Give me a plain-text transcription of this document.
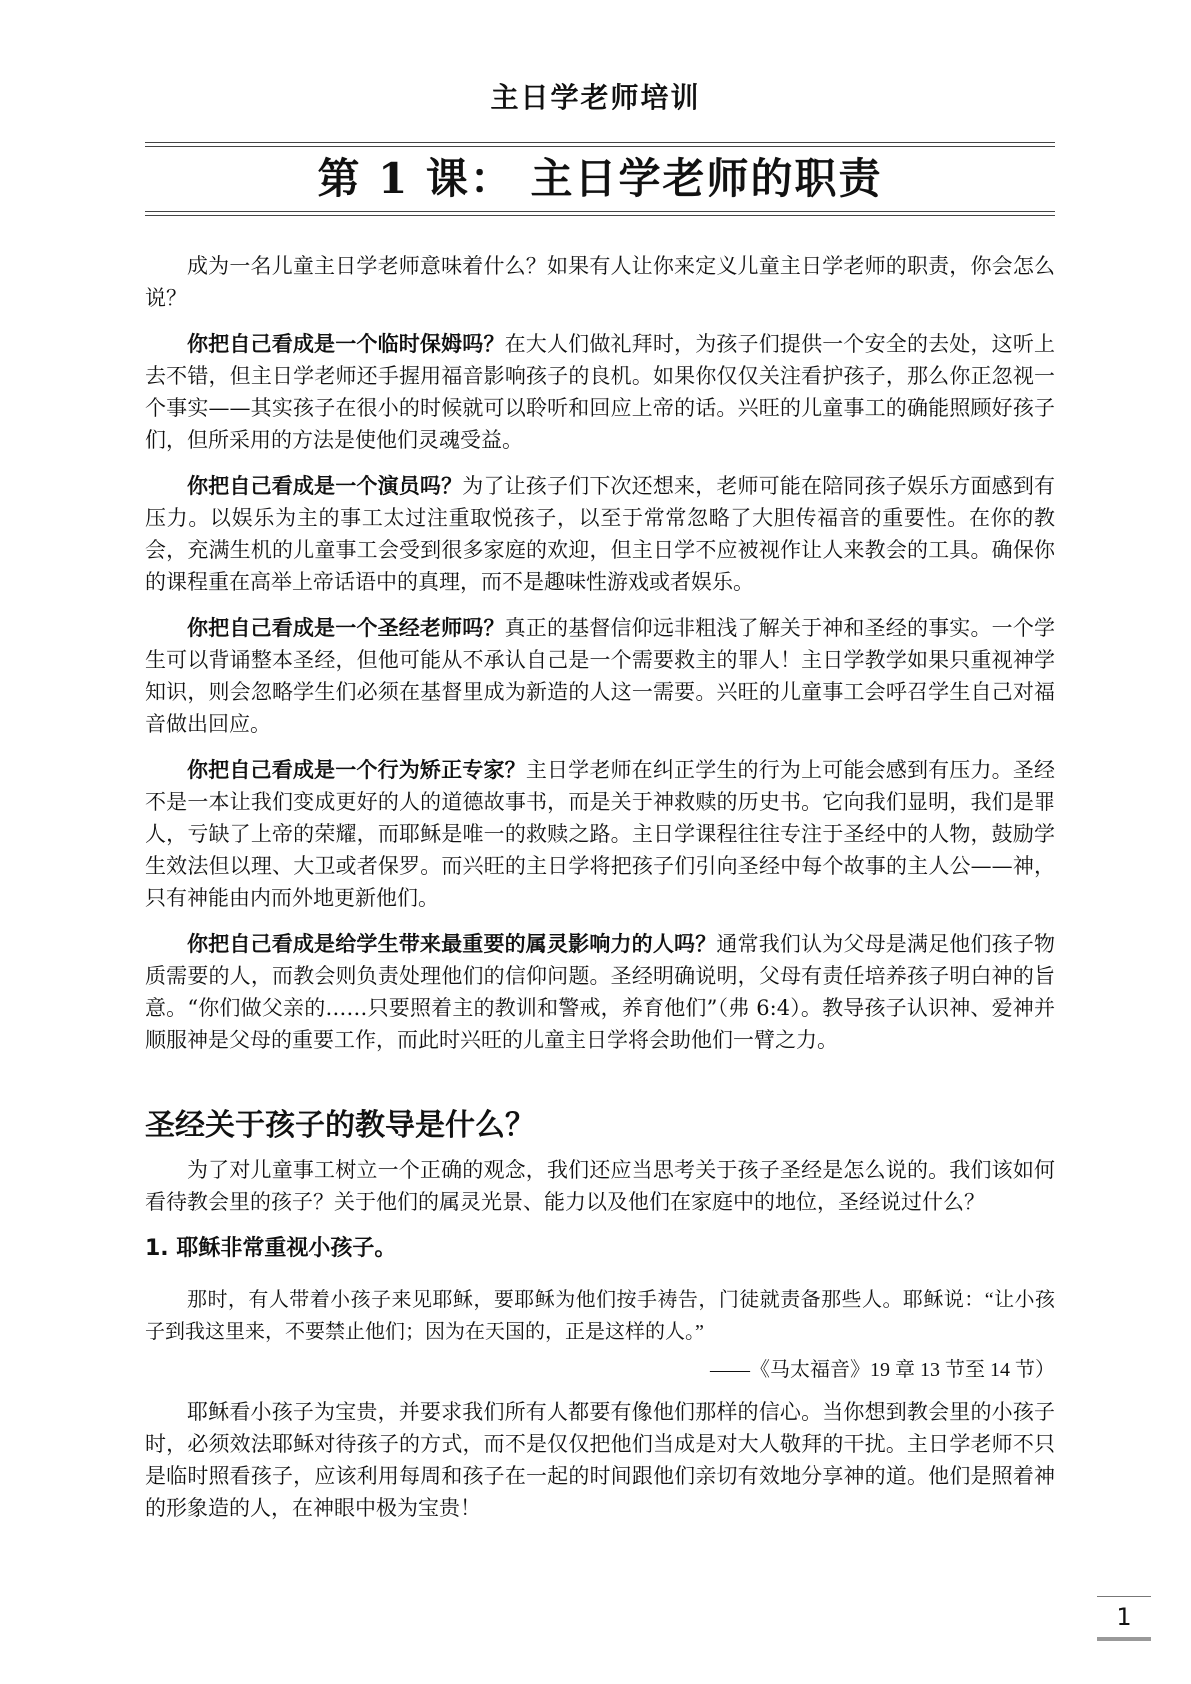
主日学老师培训
第 1 课： 主日学老师的职责

成为一名儿童主日学老师意味着什么？如果有人让你来定义儿童主日学老师的职责，你会怎么说？

你把自己看成是一个临时保姆吗？在大人们做礼拜时，为孩子们提供一个安全的去处，这听上去不错，但主日学老师还手握用福音影响孩子的良机。如果你仅仅关注看护孩子，那么你正忽视一个事实——其实孩子在很小的时候就可以聆听和回应上帝的话。兴旺的儿童事工的确能照顾好孩子们，但所采用的方法是使他们灵魂受益。

你把自己看成是一个演员吗？为了让孩子们下次还想来，老师可能在陪同孩子娱乐方面感到有压力。以娱乐为主的事工太过注重取悦孩子，以至于常常忽略了大胆传福音的重要性。在你的教会，充满生机的儿童事工会受到很多家庭的欢迎，但主日学不应被视作让人来教会的工具。确保你的课程重在高举上帝话语中的真理，而不是趣味性游戏或者娱乐。

你把自己看成是一个圣经老师吗？真正的基督信仰远非粗浅了解关于神和圣经的事实。一个学生可以背诵整本圣经，但他可能从不承认自己是一个需要救主的罪人！主日学教学如果只重视神学知识，则会忽略学生们必须在基督里成为新造的人这一需要。兴旺的儿童事工会呼召学生自己对福音做出回应。

你把自己看成是一个行为矫正专家？主日学老师在纠正学生的行为上可能会感到有压力。圣经不是一本让我们变成更好的人的道德故事书，而是关于神救赎的历史书。它向我们显明，我们是罪人，亏缺了上帝的荣耀，而耶稣是唯一的救赎之路。主日学课程往往专注于圣经中的人物，鼓励学生效法但以理、大卫或者保罗。而兴旺的主日学将把孩子们引向圣经中每个故事的主人公——神，只有神能由内而外地更新他们。

你把自己看成是给学生带来最重要的属灵影响力的人吗？通常我们认为父母是满足他们孩子物质需要的人，而教会则负责处理他们的信仰问题。圣经明确说明，父母有责任培养孩子明白神的旨意。“你们做父亲的……只要照着主的教训和警戒，养育他们”（弗 6:4）。教导孩子认识神、爱神并顺服神是父母的重要工作，而此时兴旺的儿童主日学将会助他们一臂之力。

圣经关于孩子的教导是什么？

为了对儿童事工树立一个正确的观念，我们还应当思考关于孩子圣经是怎么说的。我们该如何看待教会里的孩子？关于他们的属灵光景、能力以及他们在家庭中的地位，圣经说过什么？

1. 耶稣非常重视小孩子。

那时，有人带着小孩子来见耶稣，要耶稣为他们按手祷告，门徒就责备那些人。耶稣说：“让小孩子到我这里来，不要禁止他们；因为在天国的，正是这样的人。”

——《马太福音》19 章 13 节至 14 节）

耶稣看小孩子为宝贵，并要求我们所有人都要有像他们那样的信心。当你想到教会里的小孩子时，必须效法耶稣对待孩子的方式，而不是仅仅把他们当成是对大人敬拜的干扰。主日学老师不只是临时照看孩子，应该利用每周和孩子在一起的时间跟他们亲切有效地分享神的道。他们是照着神的形象造的人，在神眼中极为宝贵！

1
